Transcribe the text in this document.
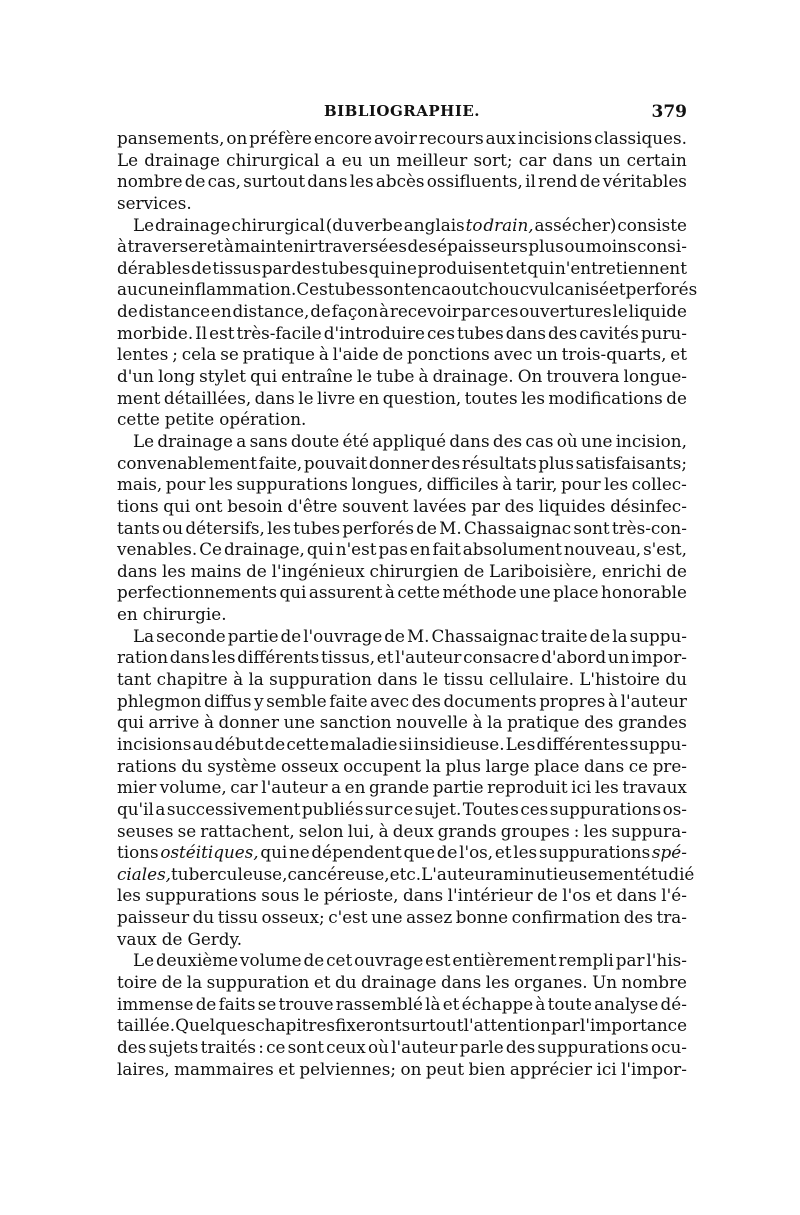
BIBLIOGRAPHIE.	379
pansements, on préfère encore avoir recours aux incisions classiques.
Le drainage chirurgical a eu un meilleur sort; car dans un certain
nombre de cas, surtout dans les abcès ossifluents, il rend de véritables
services.
Le drainage chirurgical (du verbe anglais to drain, assécher) consiste
à traverser et à maintenir traversées des épaisseurs plus ou moins consi-
dérables de tissus par des tubes qui ne produisent et qui n'entretiennent
aucune inflammation. Ces tubes sont en caoutchouc vulcanisé et perforés
de distance en distance, de façon à recevoir par ces ouvertures le liquide
morbide. Il est très-facile d'introduire ces tubes dans des cavités puru-
lentes ; cela se pratique à l'aide de ponctions avec un trois-quarts, et
d'un long stylet qui entraîne le tube à drainage. On trouvera longue-
ment détaillées, dans le livre en question, toutes les modifications de
cette petite opération.
Le drainage a sans doute été appliqué dans des cas où une incision,
convenablement faite, pouvait donner des résultats plus satisfaisants;
mais, pour les suppurations longues, difficiles à tarir, pour les collec-
tions qui ont besoin d'être souvent lavées par des liquides désinfec-
tants ou détersifs, les tubes perforés de M. Chassaignac sont très-con-
venables. Ce drainage, qui n'est pas en fait absolument nouveau, s'est,
dans les mains de l'ingénieux chirurgien de Lariboisière, enrichi de
perfectionnements qui assurent à cette méthode une place honorable
en chirurgie.
La seconde partie de l'ouvrage de M. Chassaignac traite de la suppu-
ration dans les différents tissus, et l'auteur consacre d'abord un impor-
tant chapitre à la suppuration dans le tissu cellulaire. L'histoire du
phlegmon diffus y semble faite avec des documents propres à l'auteur
qui arrive à donner une sanction nouvelle à la pratique des grandes
incisions au début de cette maladie si insidieuse. Les différentes suppu-
rations du système osseux occupent la plus large place dans ce pre-
mier volume, car l'auteur a en grande partie reproduit ici les travaux
qu'il a successivement publiés sur ce sujet. Toutes ces suppurations os-
seuses se rattachent, selon lui, à deux grands groupes : les suppura-
tions ostéitiques, qui ne dépendent que de l'os, et les suppurations spé-
ciales, tuberculeuse, cancéreuse, etc. L'auteur a minutieusement étudié
les suppurations sous le périoste, dans l'intérieur de l'os et dans l'é-
paisseur du tissu osseux; c'est une assez bonne confirmation des tra-
vaux de Gerdy.
Le deuxième volume de cet ouvrage est entièrement rempli par l'his-
toire de la suppuration et du drainage dans les organes. Un nombre
immense de faits se trouve rassemblé là et échappe à toute analyse dé-
taillée. Quelques chapitres fixeront surtout l'attention par l'importance
des sujets traités : ce sont ceux où l'auteur parle des suppurations ocu-
laires, mammaires et pelviennes; on peut bien apprécier ici l'impor-
